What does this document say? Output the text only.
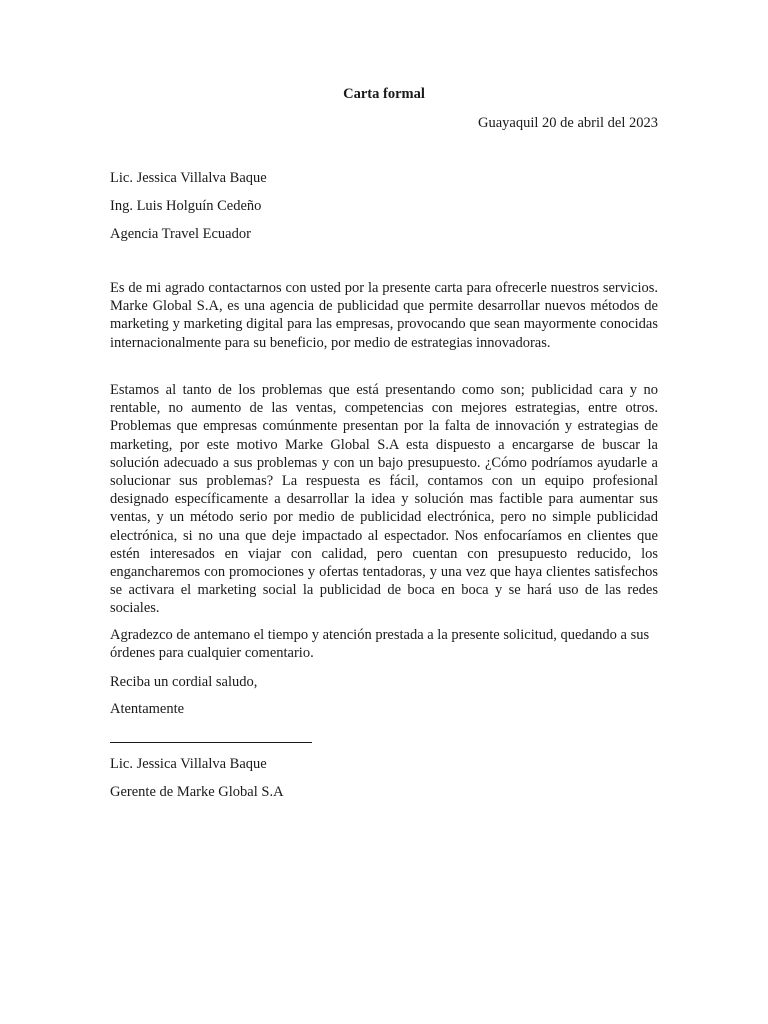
Carta formal
Guayaquil 20 de abril del 2023
Lic. Jessica Villalva Baque
Ing. Luis Holguín Cedeño
Agencia Travel Ecuador

Es de mi agrado contactarnos con usted por la presente carta para ofrecerle nuestros servicios. Marke Global S.A, es una agencia de publicidad que permite desarrollar nuevos métodos de marketing y marketing digital para las empresas, provocando que sean mayormente conocidas internacionalmente para su beneficio, por medio de estrategias innovadoras.

Estamos al tanto de los problemas que está presentando como son; publicidad cara y no rentable, no aumento de las ventas, competencias con mejores estrategias, entre otros. Problemas que empresas comúnmente presentan por la falta de innovación y estrategias de marketing, por este motivo Marke Global S.A esta dispuesto a encargarse de buscar la solución adecuado a sus problemas y con un bajo presupuesto. ¿Cómo podríamos ayudarle a solucionar sus problemas? La respuesta es fácil, contamos con un equipo profesional designado específicamente a desarrollar la idea y solución mas factible para aumentar sus ventas, y un método serio por medio de publicidad electrónica, pero no simple publicidad electrónica, si no una que deje impactado al espectador. Nos enfocaríamos en clientes que estén interesados en viajar con calidad, pero cuentan con presupuesto reducido, los engancharemos con promociones y ofertas tentadoras, y una vez que haya clientes satisfechos se activara el marketing social la publicidad de boca en boca y se hará uso de las redes sociales.

Agradezco de antemano el tiempo y atención prestada a la presente solicitud, quedando a sus órdenes para cualquier comentario.

Reciba un cordial saludo,
Atentamente
Lic. Jessica Villalva Baque
Gerente de Marke Global S.A
